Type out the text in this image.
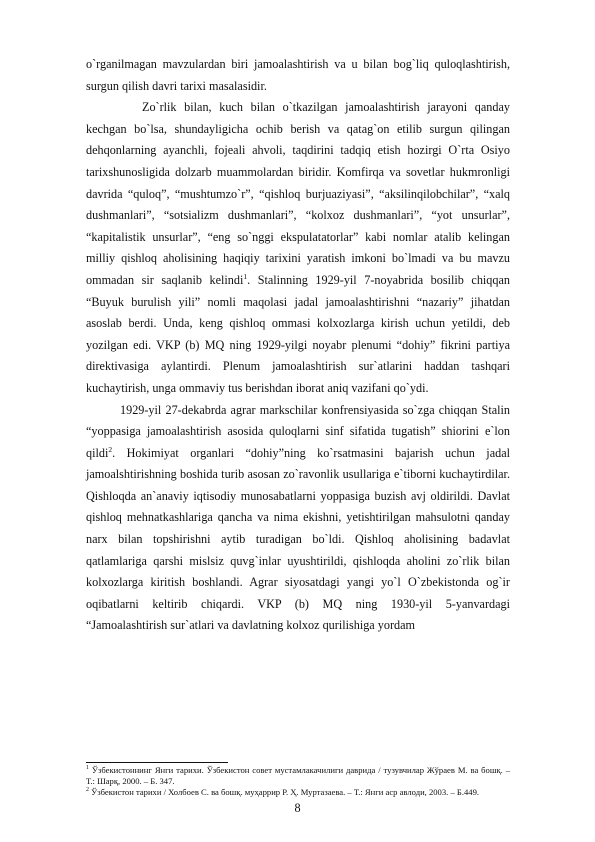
o`rganilmagan mavzulardan biri jamoalashtirish va u bilan bog`liq quloqlashtirish, surgun qilish davri tarixi masalasidir.

Zo`rlik bilan, kuch bilan o`tkazilgan jamoalashtirish jarayoni qanday kechgan bo`lsa, shundayligicha ochib berish va qatag`on etilib surgun qilingan dehqonlarning ayanchli, fojeali ahvoli, taqdirini tadqiq etish hozirgi O`rta Osiyo tarixshunosligida dolzarb muammolardan biridir. Komfirqa va sovetlar hukmronligi davrida “quloq”, “mushtumzo`r”, “qishloq burjuaziyasi”, “aksilinqilobchilar”, “xalq dushmanlari”, “sotsializm dushmanlari”, “kolxoz dushmanlari”, “yot unsurlar”, “kapitalistik unsurlar”, “eng so`nggi ekspulatatorlar” kabi nomlar atalib kelingan milliy qishloq aholisining haqiqiy tarixini yaratish imkoni bo`lmadi va bu mavzu ommadan sir saqlanib kelindi$^1$. Stalinning 1929-yil 7-noyabrida bosilib chiqqan “Buyuk burulish yili” nomli maqolasi jadal jamoalashtirishni “nazariy” jihatdan asoslab berdi. Unda, keng qishloq ommasi kolxozlarga kirish uchun yetildi, deb yozilgan edi. VKP (b) MQ ning 1929-yilgi noyabr plenumi “dohiy” fikrini partiya direktivasiga aylantirdi. Plenum jamoalashtirish sur`atlarini haddan tashqari kuchaytirish, unga ommaviy tus berishdan iborat aniq vazifani qo`ydi.

1929-yil 27-dekabrda agrar markschilar konfrensiyasida so`zga chiqqan Stalin “yoppasiga jamoalashtirish asosida quloqlarni sinf sifatida tugatish” shiorini e`lon qildi$^2$. Hokimiyat organlari “dohiy”ning ko`rsatmasini bajarish uchun jadal jamoalshtirishning boshida turib asosan zo`ravonlik usullariga e`tiborni kuchaytirdilar. Qishloqda an`anaviy iqtisodiy munosabatlarni yoppasiga buzish avj oldirildi. Davlat qishloq mehnatkashlariga qancha va nima ekishni, yetishtirilgan mahsulotni qanday narx bilan topshirishni aytib turadigan bo`ldi. Qishloq aholisining badavlat qatlamlariga qarshi mislsiz quvg`inlar uyushtirildi, qishloqda aholini zo`rlik bilan kolxozlarga kiritish boshlandi. Agrar siyosatdagi yangi yo`l O`zbekistonda og`ir oqibatlarni keltirib chiqardi. VKP (b) MQ ning 1930-yil 5-yanvardagi “Jamoalashtirish sur`atlari va davlatning kolxoz qurilishiga yordam

$^1$ Ўзбекистоннинг Янги тарихи. Ўзбекистон совет мустамлакачилиги даврида / тузувчилар Жўраев М. ва бошқ. – Т.: Шарқ, 2000. – Б. 347.

$^2$ Ўзбекистон тарихи / Холбоев С. ва бошқ. муҳаррир Р. Ҳ. Муртазаева. – Т.: Янги аср авлоди, 2003. – Б.449.

8
